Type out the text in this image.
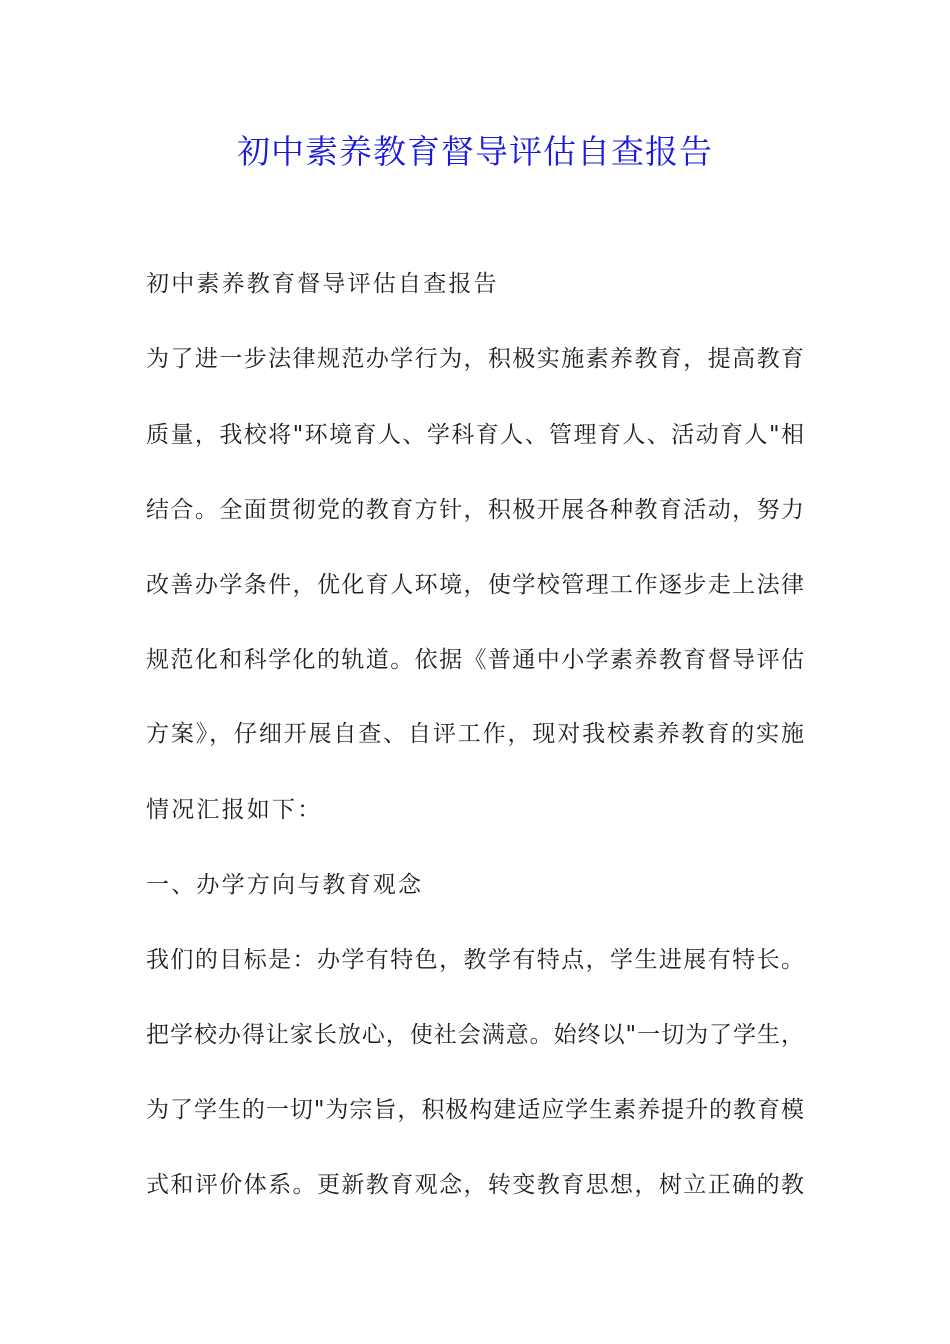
初中素养教育督导评估自查报告
初中素养教育督导评估自查报告
为了进一步法律规范办学行为，积极实施素养教育，提高教育
质量，我校将"环境育人、学科育人、管理育人、活动育人"相
结合。全面贯彻党的教育方针，积极开展各种教育活动，努力
改善办学条件，优化育人环境，使学校管理工作逐步走上法律
规范化和科学化的轨道。依据《普通中小学素养教育督导评估
方案》，仔细开展自查、自评工作，现对我校素养教育的实施
情况汇报如下：
一、办学方向与教育观念
我们的目标是：办学有特色，教学有特点，学生进展有特长。
把学校办得让家长放心，使社会满意。始终以"一切为了学生，
为了学生的一切"为宗旨，积极构建适应学生素养提升的教育模
式和评价体系。更新教育观念，转变教育思想，树立正确的教
